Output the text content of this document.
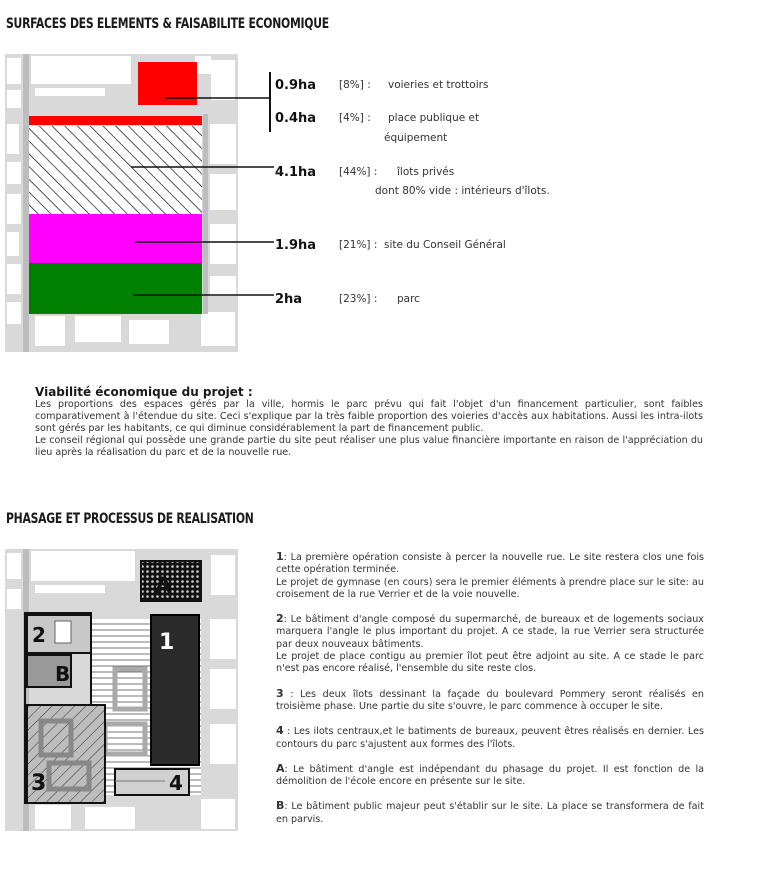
SURFACES DES ELEMENTS & FAISABILITE ECONOMIQUE
0.9ha [8%] : voieries et trottoirs
0.4ha [4%] : place publique et
équipement
4.1ha [44%] : îlots privés
dont 80% vide : intérieurs d'îlots.
1.9ha [21%] : site du Conseil Général
2ha	[23%] : parc
Viabilité économique du projet :

Les proportions des espaces gérés par la ville, hormis le parc prévu qui fait l'objet d'un financement particulier, sont faibles comparativement à l'étendue du site. Ceci s'explique par la très faible proportion des voieries d'accès aux habitations. Aussi les intra-ilots sont gérés par les habitants, ce qui diminue considérablement la part de financement public.

Le conseil régional qui possède une grande partie du site peut réaliser une plus value financière importante en raison de l'appréciation du lieu après la réalisation du parc et de la nouvelle rue.

PHASAGE ET PROCESSUS DE REALISATION
A
2
B
1
3	4
1: La première opération consiste à percer la nouvelle rue. Le site restera clos une fois cette opération terminée.
Le projet de gymnase (en cours) sera le premier éléments à prendre place sur le site: au croisement de la rue Verrier et de la voie nouvelle.
2: Le bâtiment d'angle composé du supermarché, de bureaux et de logements sociaux marquera l'angle le plus important du projet. A ce stade, la rue Verrier sera structurée par deux nouveaux bâtiments.
Le projet de place contigu au premier îlot peut être adjoint au site. A ce stade le parc n'est pas encore réalisé, l'ensemble du site reste clos.
3 : Les deux îlots dessinant la façade du boulevard Pommery seront réalisés en troisième phase. Une partie du site s'ouvre, le parc commence à occuper le site.
4 : Les ilots centraux,et le batiments de bureaux, peuvent êtres réalisés en dernier. Les contours du parc s'ajustent aux formes des l'îlots.
A: Le bâtiment d'angle est indépendant du phasage du projet. Il est fonction de la démolition de l'école encore en présente sur le site.
B: Le bâtiment public majeur peut s'établir sur le site. La place se transformera de fait en parvis.
